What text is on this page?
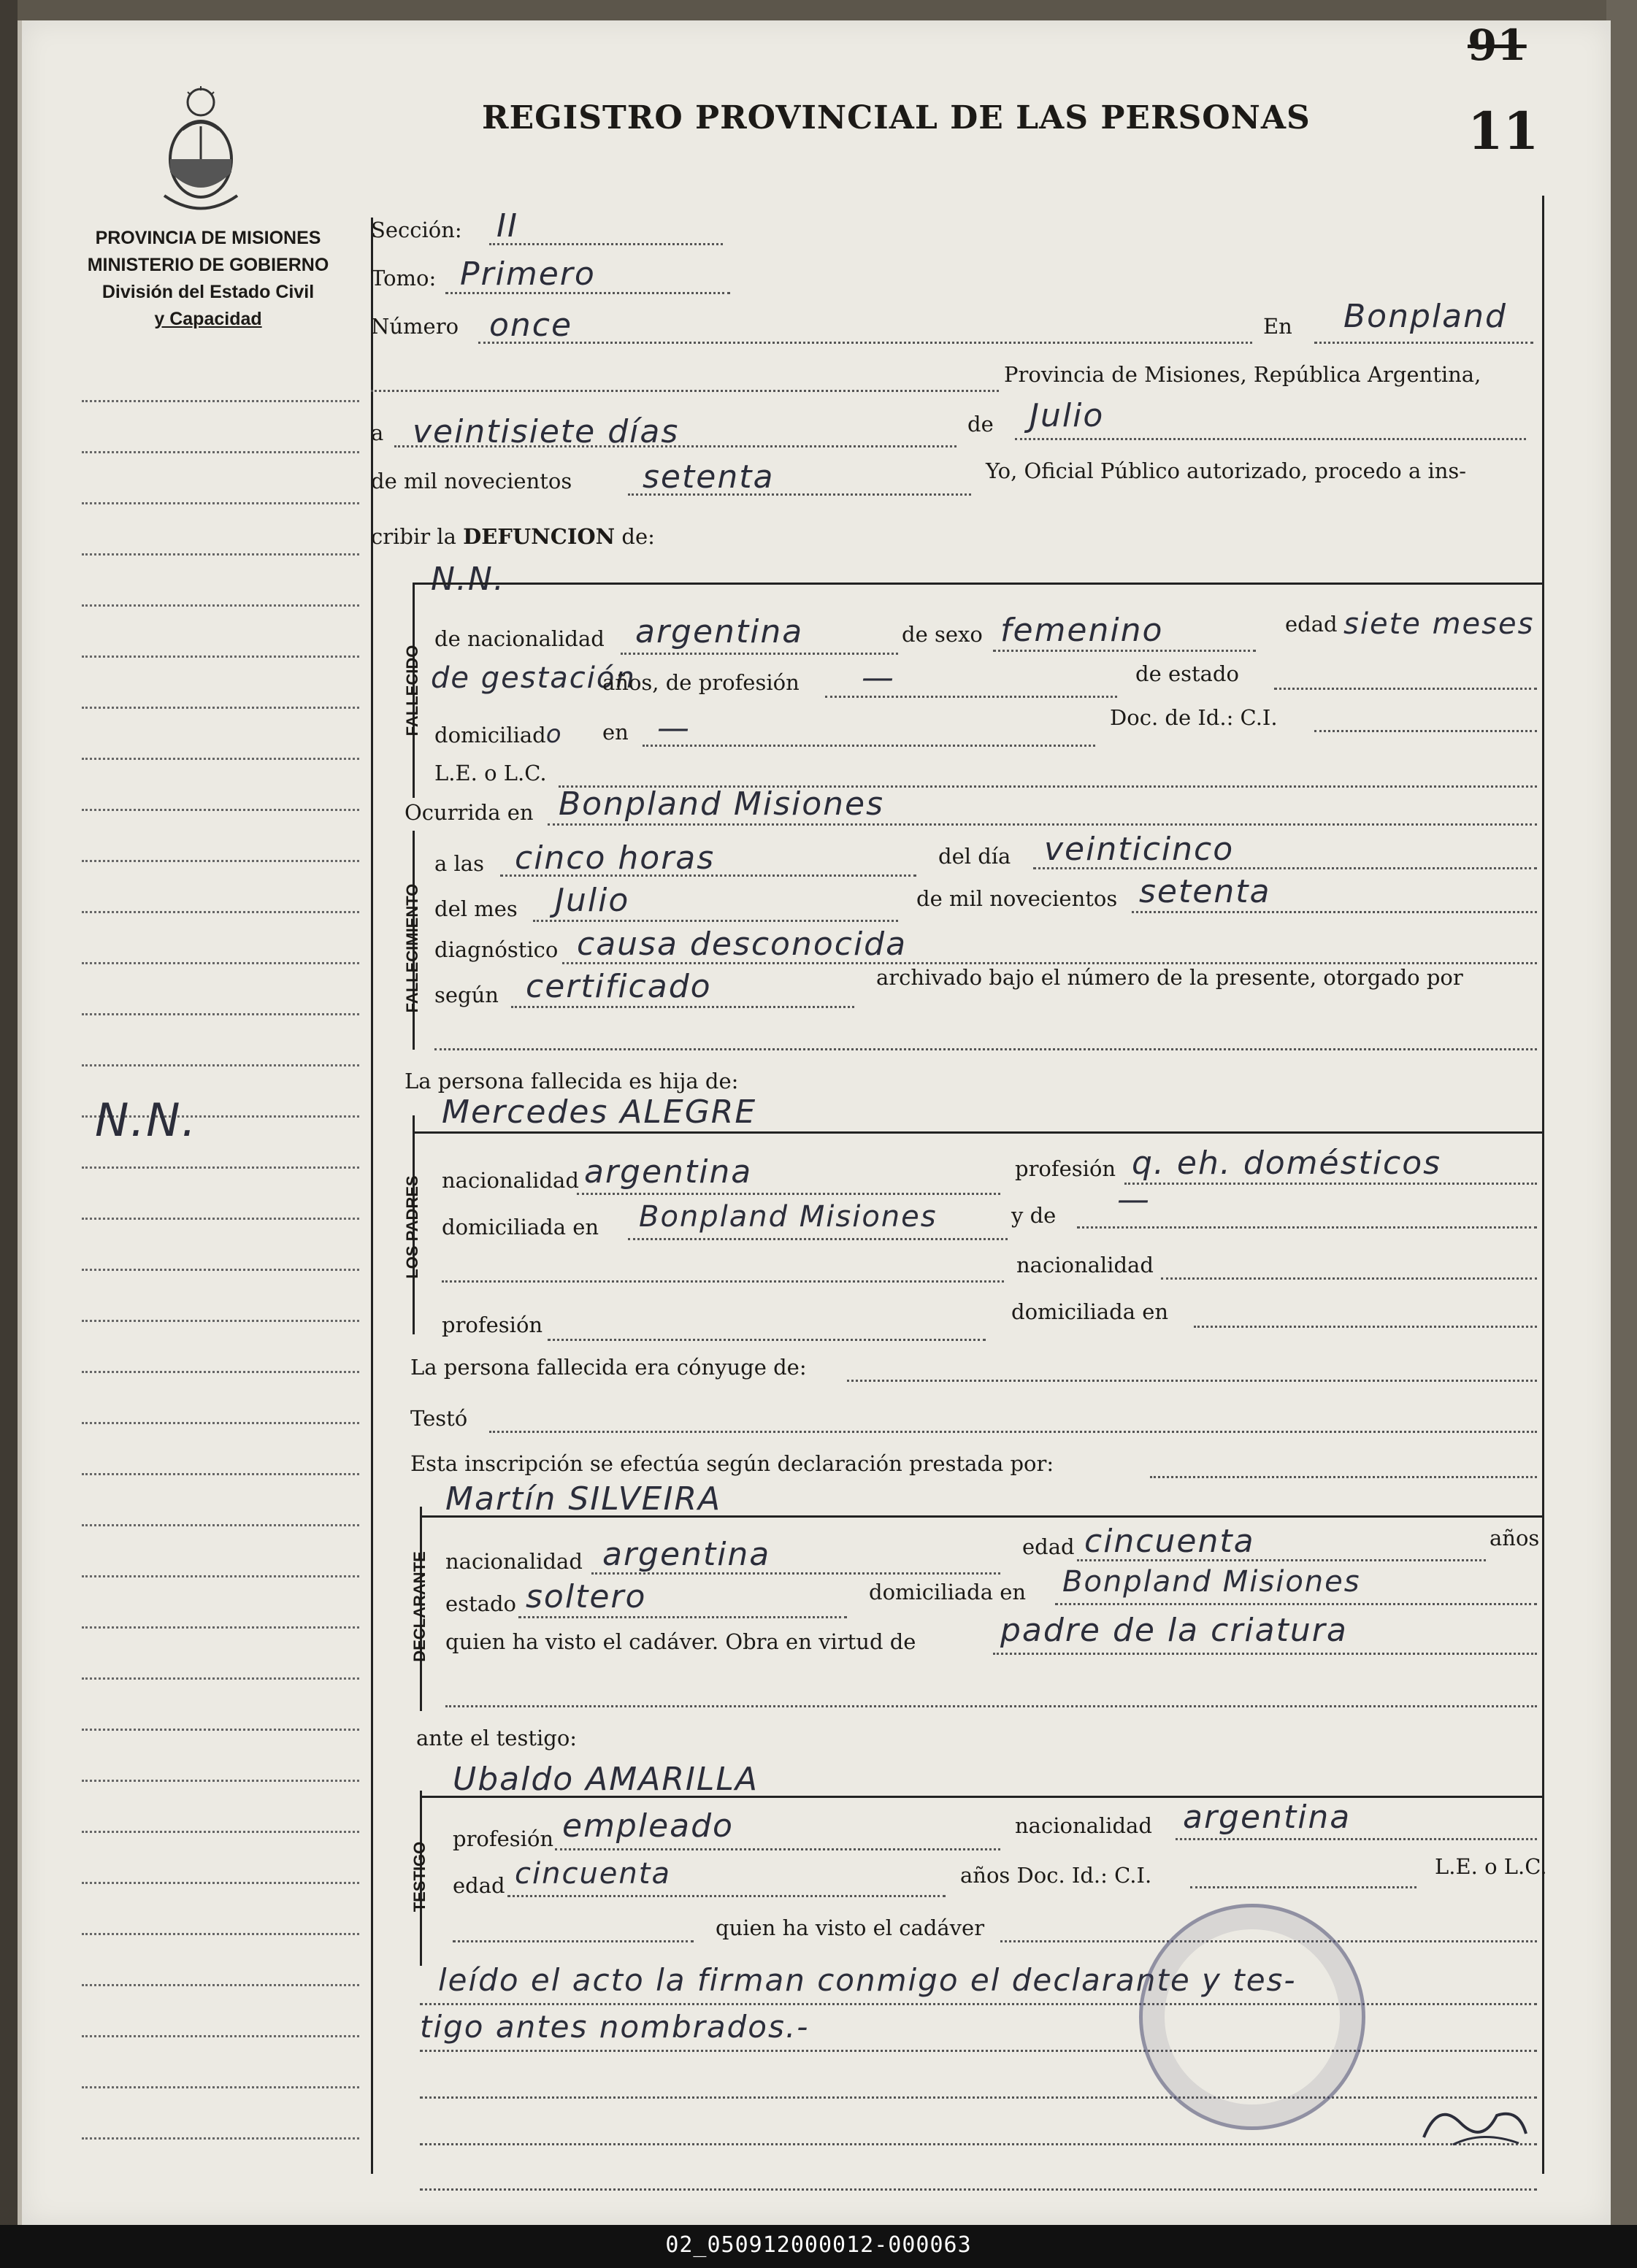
PROVINCIA DE MISIONES
MINISTERIO DE GOBIERNO
División del Estado Civil
y Capacidad
REGISTRO PROVINCIAL DE LAS PERSONAS
91
11
N.N.
Sección: II
Tomo: Primero
Número once	En Bonpland
Provincia de Misiones, República Argentina,
a veintisiete días	de Julio
de mil novecientos setenta	Yo, Oficial Público autorizado, procedo a ins-
cribir la DEFUNCION de:
FALLECIDO
N.N.
de nacionalidad argentina	de sexo femenino	edad siete meses
de gestación
años, de profesión —	de estado
domiciliado en —	Doc. de Id.: C.I.
L.E. o L.C.
Ocurrida en Bonpland Misiones
FALLECIMIENTO
a las cinco horas	del día veinticinco
del mes Julio	de mil novecientos setenta
diagnóstico causa desconocida
según certificado	archivado bajo el número de la presente, otorgado por
La persona fallecida es hija de:
LOS PADRES
Mercedes ALEGRE
nacionalidad argentina	profesión q. eh. domésticos
domiciliada en Bonpland Misiones	y de —
nacionalidad
profesión
domiciliada en
La persona fallecida era cónyuge de:
Testó
Esta inscripción se efectúa según declaración prestada por:
DECLARANTE
Martín SILVEIRA
nacionalidad argentina	edad cincuenta	años
estado soltero	domiciliada en Bonpland Misiones
quien ha visto el cadáver. Obra en virtud de	padre de la criatura
ante el testigo:
TESTIGO
Ubaldo AMARILLA
profesión empleado	nacionalidad argentina
edad cincuenta	años Doc. Id.: C.I.	L.E. o L.C.
quien ha visto el cadáver
leído el acto la firman conmigo el declarante y tes-
tigo antes nombrados.-
02_050912000012-000063
